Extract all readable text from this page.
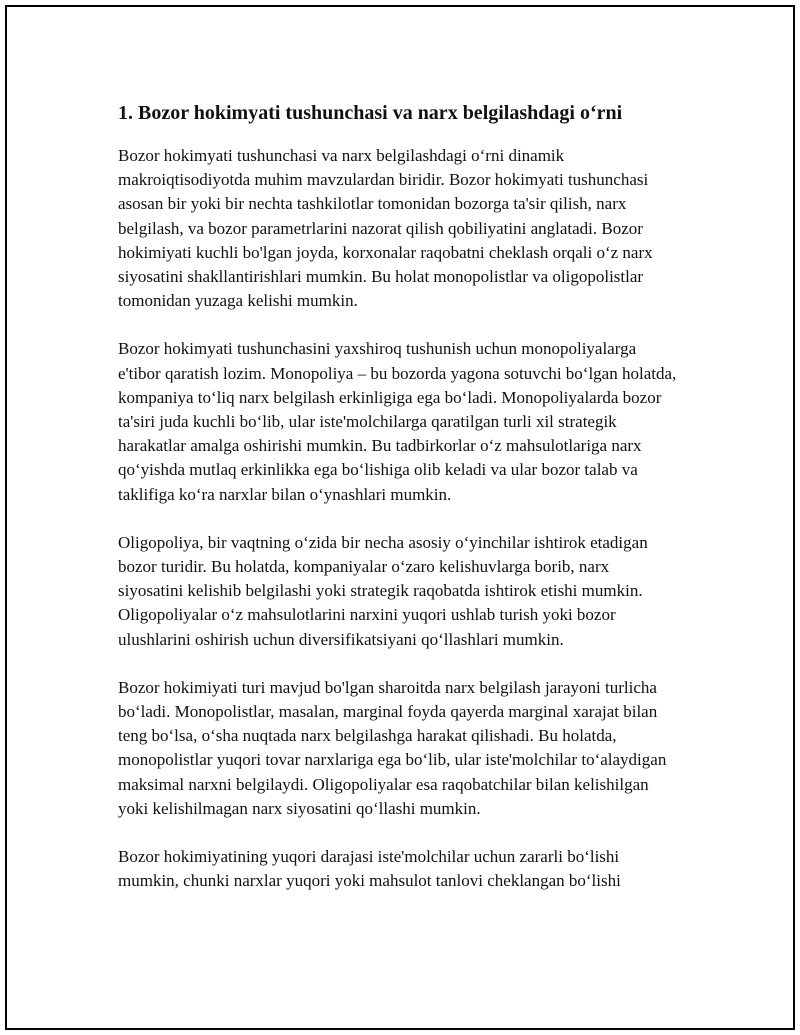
1. Bozor hokimyati tushunchasi va narx belgilashdagi o‘rni

Bozor hokimyati tushunchasi va narx belgilashdagi o‘rni dinamik makroiqtisodiyotda muhim mavzulardan biridir. Bozor hokimyati tushunchasi asosan bir yoki bir nechta tashkilotlar tomonidan bozorga ta'sir qilish, narx belgilash, va bozor parametrlarini nazorat qilish qobiliyatini anglatadi. Bozor hokimiyati kuchli bo'lgan joyda, korxonalar raqobatni cheklash orqali o‘z narx siyosatini shakllantirishlari mumkin. Bu holat monopolistlar va oligopolistlar tomonidan yuzaga kelishi mumkin.

Bozor hokimyati tushunchasini yaxshiroq tushunish uchun monopoliyalarga e'tibor qaratish lozim. Monopoliya – bu bozorda yagona sotuvchi bo‘lgan holatda, kompaniya to‘liq narx belgilash erkinligiga ega bo‘ladi. Monopoliyalarda bozor ta'siri juda kuchli bo‘lib, ular iste'molchilarga qaratilgan turli xil strategik harakatlar amalga oshirishi mumkin. Bu tadbirkorlar o‘z mahsulotlariga narx qo‘yishda mutlaq erkinlikka ega bo‘lishiga olib keladi va ular bozor talab va taklifiga ko‘ra narxlar bilan o‘ynashlari mumkin.

Oligopoliya, bir vaqtning o‘zida bir necha asosiy o‘yinchilar ishtirok etadigan bozor turidir. Bu holatda, kompaniyalar o‘zaro kelishuvlarga borib, narx siyosatini kelishib belgilashi yoki strategik raqobatda ishtirok etishi mumkin. Oligopoliyalar o‘z mahsulotlarini narxini yuqori ushlab turish yoki bozor ulushlarini oshirish uchun diversifikatsiyani qo‘llashlari mumkin.

Bozor hokimiyati turi mavjud bo'lgan sharoitda narx belgilash jarayoni turlicha bo‘ladi. Monopolistlar, masalan, marginal foyda qayerda marginal xarajat bilan teng bo‘lsa, o‘sha nuqtada narx belgilashga harakat qilishadi. Bu holatda, monopolistlar yuqori tovar narxlariga ega bo‘lib, ular iste'molchilar to‘alaydigan maksimal narxni belgilaydi. Oligopoliyalar esa raqobatchilar bilan kelishilgan yoki kelishilmagan narx siyosatini qo‘llashi mumkin.

Bozor hokimiyatining yuqori darajasi iste'molchilar uchun zararli bo‘lishi mumkin, chunki narxlar yuqori yoki mahsulot tanlovi cheklangan bo‘lishi
